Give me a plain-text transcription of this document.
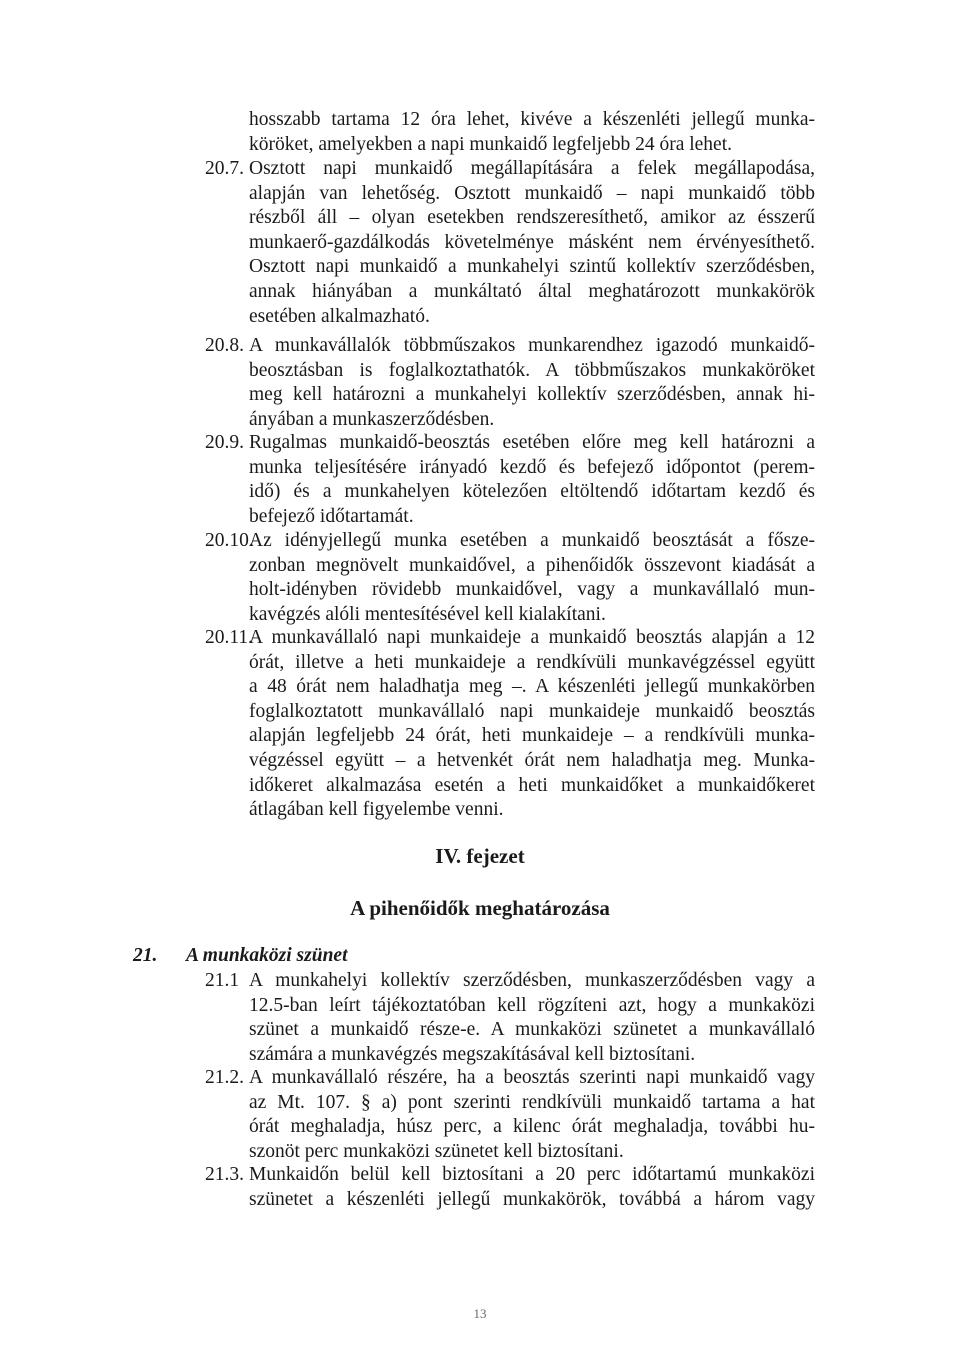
hosszabb tartama 12 óra lehet, kivéve a készenléti jellegű munka-
köröket, amelyekben a napi munkaidő legfeljebb 24 óra lehet.
20.7. Osztott napi munkaidő megállapítására a felek megállapodása,
alapján van lehetőség. Osztott munkaidő – napi munkaidő több
részből áll – olyan esetekben rendszeresíthető, amikor az ésszerű
munkaerő-gazdálkodás követelménye másként nem érvényesíthető.
Osztott napi munkaidő a munkahelyi szintű kollektív szerződésben,
annak hiányában a munkáltató által meghatározott munkakörök
esetében alkalmazható.
20.8. A munkavállalók többműszakos munkarendhez igazodó munkaidő-
beosztásban is foglalkoztathatók. A többműszakos munkaköröket
meg kell határozni a munkahelyi kollektív szerződésben, annak hi-
ányában a munkaszerződésben.
20.9. Rugalmas munkaidő-beosztás esetében előre meg kell határozni a
munka teljesítésére irányadó kezdő és befejező időpontot (perem-
idő) és a munkahelyen kötelezően eltöltendő időtartam kezdő és
befejező időtartamát.
20.10.
Az idényjellegű munka esetében a munkaidő beosztását a fősze-
zonban megnövelt munkaidővel, a pihenőidők összevont kiadását a
holt-idényben rövidebb munkaidővel, vagy a munkavállaló mun-
kavégzés alóli mentesítésével kell kialakítani.
20.11.
A munkavállaló napi munkaideje a munkaidő beosztás alapján a 12
órát, illetve a heti munkaideje a rendkívüli munkavégzéssel együtt
a 48 órát nem haladhatja meg –. A készenléti jellegű munkakörben
foglalkoztatott munkavállaló napi munkaideje munkaidő beosztás
alapján legfeljebb 24 órát, heti munkaideje – a rendkívüli munka-
végzéssel együtt – a hetvenkét órát nem haladhatja meg. Munka-
időkeret alkalmazása esetén a heti munkaidőket a munkaidőkeret
átlagában kell figyelembe venni.
IV. fejezet
A pihenőidők meghatározása
21. A munkaközi szünet
21.1 A munkahelyi kollektív szerződésben, munkaszerződésben vagy a
12.5-ban leírt tájékoztatóban kell rögzíteni azt, hogy a munkaközi
szünet a munkaidő része-e. A munkaközi szünetet a munkavállaló
számára a munkavégzés megszakításával kell biztosítani.
21.2. A munkavállaló részére, ha a beosztás szerinti napi munkaidő vagy
az Mt. 107. § a) pont szerinti rendkívüli munkaidő tartama a hat
órát meghaladja, húsz perc, a kilenc órát meghaladja, további hu-
szonöt perc munkaközi szünetet kell biztosítani.
21.3. Munkaidőn belül kell biztosítani a 20 perc időtartamú munkaközi
szünetet a készenléti jellegű munkakörök, továbbá a három vagy
13
